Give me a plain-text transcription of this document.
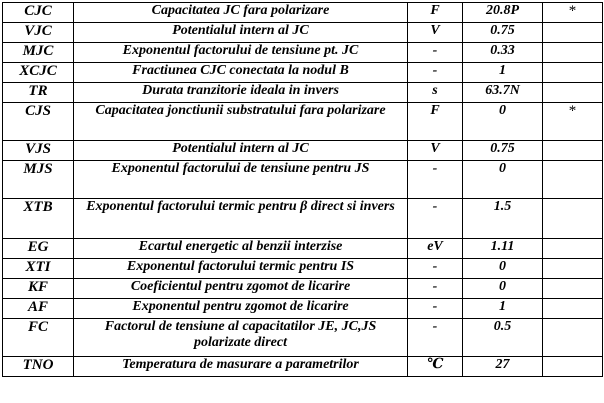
CJC	Capacitatea JC fara polarizare	F	20.8P	*
VJC	Potentialul intern al JC	V	0.75	
MJC	Exponentul factorului de tensiune pt. JC	-	0.33	
XCJC	Fractiunea CJC conectata la nodul B	-	1	
TR	Durata tranzitorie ideala in invers	s	63.7N	
CJS	Capacitatea jonctiunii substratului fara polarizare	F	0	*
VJS	Potentialul intern al JC	V	0.75	
MJS	Exponentul factorului de tensiune pentru JS	-	0	
XTB	Exponentul factorului termic pentru β direct si invers	-	1.5	
EG	Ecartul energetic al benzii interzise	eV	1.11	
XTI	Exponentul factorului termic pentru IS	-	0	
KF	Coeficientul pentru zgomot de licarire	-	0	
AF	Exponentul pentru zgomot de licarire	-	1	
FC	Factorul de tensiune al capacitatilor JE, JC,JS polarizate direct	-	0.5	
TNO	Temperatura de masurare a parametrilor	℃	27	
